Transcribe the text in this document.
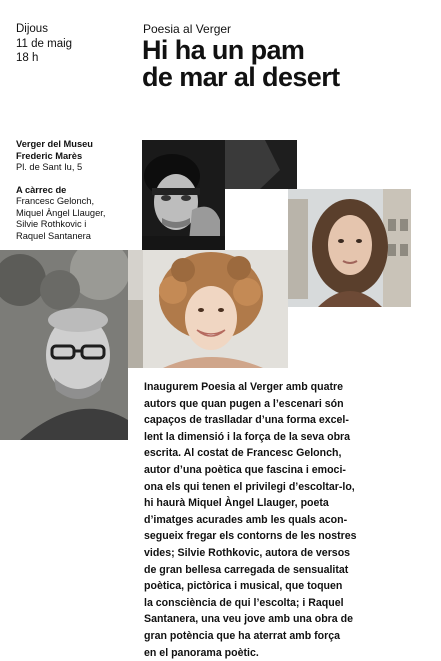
Dijous
11 de maig
18 h
Poesia al Verger
Hi ha un pam
de mar al desert
Verger del Museu
Frederic Marès
Pl. de Sant Iu, 5
A càrrec de
Francesc Gelonch,
Miquel Àngel Llauger,
Silvie Rothkovic i
Raquel Santanera

Inaugurem Poesia al Verger amb quatre
autors que quan pugen a l’escenari són
capaços de traslladar d’una forma excel-
lent la dimensió i la força de la seva obra
escrita. Al costat de Francesc Gelonch,
autor d’una poètica que fascina i emoci-
ona els qui tenen el privilegi d’escoltar-lo,
hi haurà Miquel Àngel Llauger, poeta
d’imatges acurades amb les quals acon-
segueix fregar els contorns de les nostres
vides; Silvie Rothkovic, autora de versos
de gran bellesa carregada de sensualitat
poètica, pictòrica i musical, que toquen
la consciència de qui l’escolta; i Raquel
Santanera, una veu jove amb una obra de
gran potència que ha aterrat amb força
en el panorama poètic.
